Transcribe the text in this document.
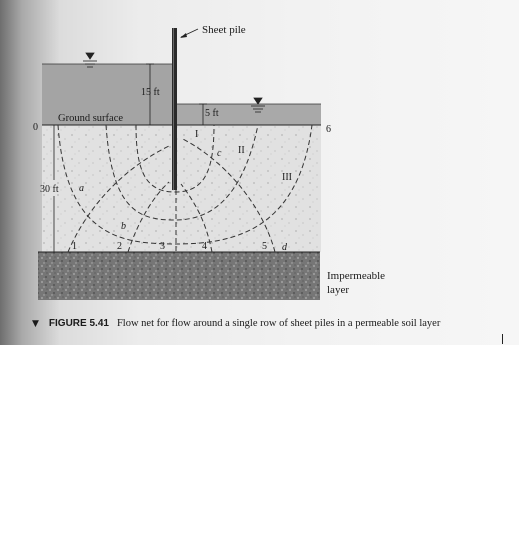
Sheet pile
15 ft
5 ft
30 ft
Ground surface
0	6
I
II
III
a
b
c
d
1	2	3	4	5
Impermeable
layer
▼ FIGURE 5.41 Flow net for flow around a single row of sheet piles in a permeable soil layer
